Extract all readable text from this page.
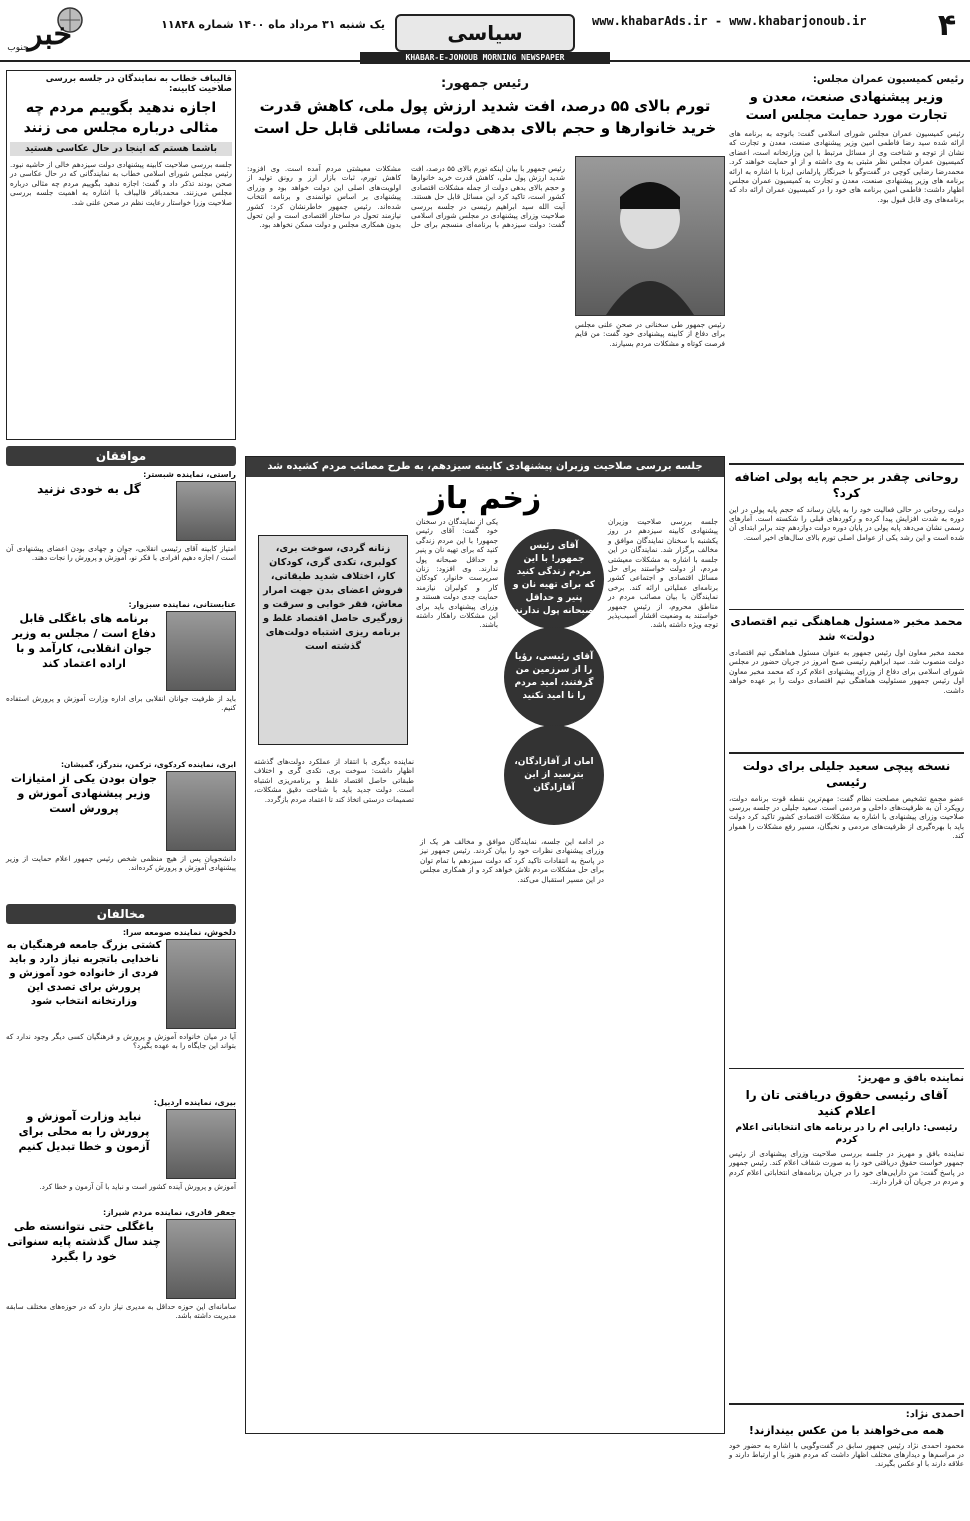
۴
www.khabarAds.ir - www.khabarjonoub.ir
سیاسی
یک شنبه ۳۱ مرداد ماه ۱۴۰۰ شماره ۱۱۸۴۸
خبر
جنوب
KHABAR-E-JONOUB MORNING NEWSPAPER
رئیس کمیسیون عمران مجلس:
وزیر پیشنهادی صنعت، معدن و تجارت مورد حمایت مجلس است
رئیس کمیسیون عمران مجلس شورای اسلامی گفت: باتوجه به برنامه های ارائه شده سید رضا فاطمی امین وزیر پیشنهادی صنعت، معدن و تجارت که نشان از توجه و شناخت وی از مسائل مرتبط با این وزارتخانه است، اعضای کمیسیون عمران مجلس نظر مثبتی به وی داشته و از او حمایت خواهند کرد. محمدرضا رضایی کوچی در گفت‌وگو با خبرنگار پارلمانی ایرنا با اشاره به ارائه برنامه های وزیر پیشنهادی صنعت، معدن و تجارت به کمیسیون عمران مجلس اظهار داشت: فاطمی امین برنامه های خود را در کمیسیون عمران ارائه داد که برنامه‌های وی قابل قبول بود.
روحانی چقدر بر حجم پایه پولی اضافه کرد؟
دولت روحانی در حالی فعالیت خود را به پایان رساند که حجم پایه پولی در این دوره به شدت افزایش پیدا کرده و رکوردهای قبلی را شکسته است. آمارهای رسمی نشان می‌دهد پایه پولی در پایان دوره دولت دوازدهم چند برابر ابتدای آن شده است و این رشد یکی از عوامل اصلی تورم بالای سال‌های اخیر است.
محمد مخبر «مسئول هماهنگی تیم اقتصادی دولت» شد
محمد مخبر معاون اول رئیس جمهور به عنوان مسئول هماهنگی تیم اقتصادی دولت منصوب شد. سید ابراهیم رئیسی صبح امروز در جریان حضور در مجلس شورای اسلامی برای دفاع از وزرای پیشنهادی اعلام کرد که محمد مخبر معاون اول رئیس جمهور مسئولیت هماهنگی تیم اقتصادی دولت را بر عهده خواهد داشت.
نسخه پیچی سعید جلیلی برای دولت رئیسی
عضو مجمع تشخیص مصلحت نظام گفت: مهم‌ترین نقطه قوت برنامه دولت، رویکرد آن به ظرفیت‌های داخلی و مردمی است. سعید جلیلی در جلسه بررسی صلاحیت وزرای پیشنهادی با اشاره به مشکلات اقتصادی کشور تاکید کرد دولت باید با بهره‌گیری از ظرفیت‌های مردمی و نخبگان، مسیر رفع مشکلات را هموار کند.
نماینده بافق و مهریز:
آقای رئیسی حقوق دریافتی تان را اعلام کنید
رئیسی: دارایی ام را در برنامه های انتخاباتی اعلام کردم
نماینده بافق و مهریز در جلسه بررسی صلاحیت وزرای پیشنهادی از رئیس جمهور خواست حقوق دریافتی خود را به صورت شفاف اعلام کند. رئیس جمهور در پاسخ گفت: من دارایی‌های خود را در جریان برنامه‌های انتخاباتی اعلام کردم و مردم در جریان آن قرار دارند.
احمدی نژاد:
همه می‌خواهند با من عکس بیندازند!
محمود احمدی نژاد رئیس جمهور سابق در گفت‌وگویی با اشاره به حضور خود در مراسم‌ها و دیدارهای مختلف اظهار داشت که مردم هنوز با او ارتباط دارند و علاقه دارند با او عکس بگیرند.
رئیس جمهور:
تورم بالای ۵۵ درصد، افت شدید ارزش پول ملی، کاهش قدرت خرید خانوارها و حجم بالای بدهی دولت، مسائلی قابل حل است
رئیس جمهور طی سخنانی در صحن علنی مجلس برای دفاع از کابینه پیشنهادی خود گفت: من قایم فرصت کوتاه و مشکلات مردم بسیارند.
رئیس جمهور با بیان اینکه تورم بالای ۵۵ درصد، افت شدید ارزش پول ملی، کاهش قدرت خرید خانوارها و حجم بالای بدهی دولت از جمله مشکلات اقتصادی کشور است، تاکید کرد این مسائل قابل حل هستند. آیت الله سید ابراهیم رئیسی در جلسه بررسی صلاحیت وزرای پیشنهادی در مجلس شورای اسلامی گفت: دولت سیزدهم با برنامه‌ای منسجم برای حل مشکلات معیشتی مردم آمده است. وی افزود: کاهش تورم، ثبات بازار ارز و رونق تولید از اولویت‌های اصلی این دولت خواهد بود و وزرای پیشنهادی بر اساس توانمندی و برنامه انتخاب شده‌اند. رئیس جمهور خاطرنشان کرد: کشور نیازمند تحول در ساختار اقتصادی است و این تحول بدون همکاری مجلس و دولت ممکن نخواهد بود.
جلسه بررسی صلاحیت وزیران پیشنهادی کابینه سیزدهم، به طرح مصائب مردم کشیده شد
زخم باز
زنانه گردی، سوخت بری، کولبری، تکدی گری، کودکان کار، اختلاف شدید طبقاتی، فروش اعضای بدن جهت امرار معاش، فقر خوابی و سرقت و زورگیری حاصل اقتصاد غلط و برنامه ریزی اشتباه دولت‌های گذشته است
آقای رئیس جمهور! با این مردم زندگی کنید که برای تهیه نان و پنیر و حداقل صبحانه پول ندارند
آقای رئیسی، رؤیا را از سرزمین من گرفتند، امید مردم را نا امید نکنید
امان از آقازادگان، بترسید از این آقازادگان
جلسه بررسی صلاحیت وزیران پیشنهادی کابینه سیزدهم در روز یکشنبه با سخنان نمایندگان موافق و مخالف برگزار شد. نمایندگان در این جلسه با اشاره به مشکلات معیشتی مردم، از دولت خواستند برای حل مسائل اقتصادی و اجتماعی کشور برنامه‌ای عملیاتی ارائه کند. برخی نمایندگان با بیان مصائب مردم در مناطق محروم، از رئیس جمهور خواستند به وضعیت اقشار آسیب‌پذیر توجه ویژه داشته باشد.
یکی از نمایندگان در سخنان خود گفت: آقای رئیس جمهور! با این مردم زندگی کنید که برای تهیه نان و پنیر و حداقل صبحانه پول ندارند. وی افزود: زنان سرپرست خانوار، کودکان کار و کولبران نیازمند حمایت جدی دولت هستند و وزرای پیشنهادی باید برای این مشکلات راهکار داشته باشند.
نماینده دیگری با انتقاد از عملکرد دولت‌های گذشته اظهار داشت: سوخت بری، تکدی گری و اختلاف طبقاتی حاصل اقتصاد غلط و برنامه‌ریزی اشتباه است. دولت جدید باید با شناخت دقیق مشکلات، تصمیمات درستی اتخاذ کند تا اعتماد مردم بازگردد.
در ادامه این جلسه، نمایندگان موافق و مخالف هر یک از وزرای پیشنهادی نظرات خود را بیان کردند. رئیس جمهور نیز در پاسخ به انتقادات تاکید کرد که دولت سیزدهم با تمام توان برای حل مشکلات مردم تلاش خواهد کرد و از همکاری مجلس در این مسیر استقبال می‌کند.
قالیباف خطاب به نمایندگان در جلسه بررسی صلاحیت کابینه:
اجازه ندهید بگوییم مردم چه مثالی درباره مجلس می زنند
باشما هستم که اینجا در حال عکاسی هستید
جلسه بررسی صلاحیت کابینه پیشنهادی دولت سیزدهم خالی از حاشیه نبود. رئیس مجلس شورای اسلامی خطاب به نمایندگانی که در حال عکاسی در صحن بودند تذکر داد و گفت: اجازه ندهید بگوییم مردم چه مثالی درباره مجلس می‌زنند. محمدباقر قالیباف با اشاره به اهمیت جلسه بررسی صلاحیت وزرا خواستار رعایت نظم در صحن علنی شد.
موافقان
راستی، نماینده شبستر:
گل به خودی نزنید
امتیاز کابینه آقای رئیسی انقلابی، جوان و جهادی بودن اعضای پیشنهادی آن است / اجازه دهیم افرادی با فکر نو، آموزش و پرورش را نجات دهند.
عنابستانی، نماینده سبزوار:
برنامه های باغگلی قابل دفاع است / مجلس به وزیر جوان انقلابی، کارآمد و با اراده اعتماد کند
باید از ظرفیت جوانان انقلابی برای اداره وزارت آموزش و پرورش استفاده کنیم.
ابری، نماینده کردکوی، ترکمن، بندرگز، گمیشان:
جوان بودن یکی از امتیازات وزیر پیشنهادی آموزش و پرورش است
دانشجویان پس از هیچ منظمی شخص رئیس جمهور اعلام حمایت از وزیر پیشنهادی آموزش و پرورش کرده‌اند.
مخالفان
دلخوش، نماینده صومعه سرا:
کشتی بزرگ جامعه فرهنگیان به ناخدایی باتجربه نیاز دارد و باید فردی از خانواده خود آموزش و پرورش برای تصدی این وزارتخانه انتخاب شود
آیا در میان خانواده آموزش و پرورش و فرهنگیان کسی دیگر وجود ندارد که بتواند این جایگاه را به عهده بگیرد؟
بیری، نماینده اردبیل:
نباید وزارت آموزش و پرورش را به محلی برای آزمون و خطا تبدیل کنیم
آموزش و پرورش آینده کشور است و نباید با آن آزمون و خطا کرد.
جعفر قادری، نماینده مردم شیراز:
باغگلی حتی نتوانسته طی چند سال گذشته پایه سنواتی خود را بگیرد
سامانه‌ای این حوزه حداقل به مدیری نیاز دارد که در حوزه‌های مختلف سابقه مدیریت داشته باشد.
